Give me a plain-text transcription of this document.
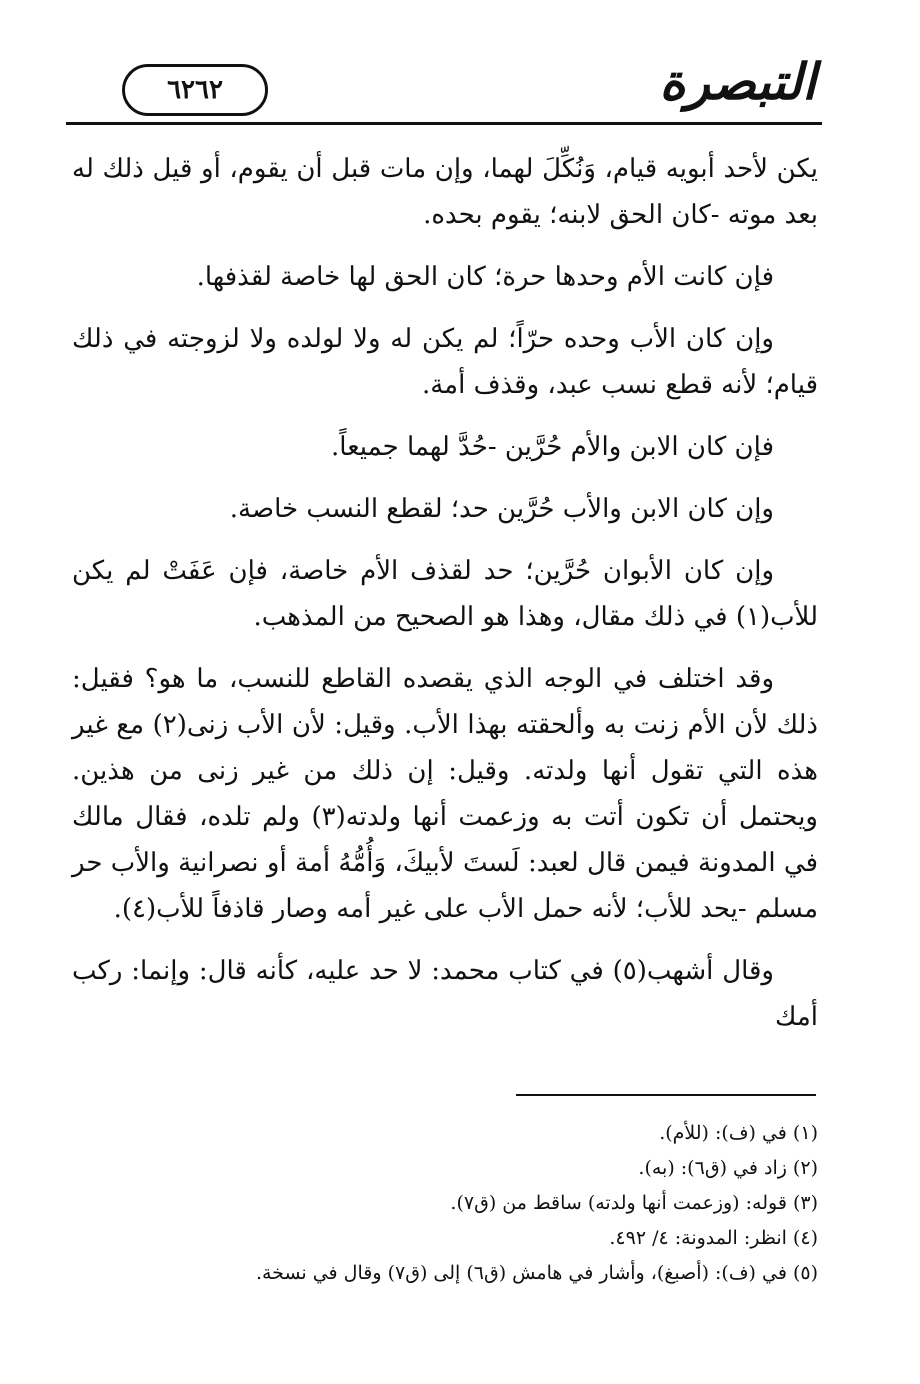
٦٢٦٢	التبصرة

يكن لأحد أبويه قيام، وَنُكِّلَ لهما، وإن مات قبل أن يقوم، أو قيل ذلك له بعد موته -كان الحق لابنه؛ يقوم بحده.

فإن كانت الأم وحدها حرة؛ كان الحق لها خاصة لقذفها.

وإن كان الأب وحده حرّاً؛ لم يكن له ولا لولده ولا لزوجته في ذلك قيام؛ لأنه قطع نسب عبد، وقذف أمة.

فإن كان الابن والأم حُرَّين -حُدَّ لهما جميعاً.

وإن كان الابن والأب حُرَّين حد؛ لقطع النسب خاصة.

وإن كان الأبوان حُرَّين؛ حد لقذف الأم خاصة، فإن عَفَتْ لم يكن للأب(١) في ذلك مقال، وهذا هو الصحيح من المذهب.

وقد اختلف في الوجه الذي يقصده القاطع للنسب، ما هو؟ فقيل: ذلك لأن الأم زنت به وألحقته بهذا الأب. وقيل: لأن الأب زنى(٢) مع غير هذه التي تقول أنها ولدته. وقيل: إن ذلك من غير زنى من هذين. ويحتمل أن تكون أتت به وزعمت أنها ولدته(٣) ولم تلده، فقال مالك في المدونة فيمن قال لعبد: لَستَ لأبيكَ، وَأُمُّهُ أمة أو نصرانية والأب حر مسلم -يحد للأب؛ لأنه حمل الأب على غير أمه وصار قاذفاً للأب(٤).

وقال أشهب(٥) في كتاب محمد: لا حد عليه، كأنه قال: وإنما: ركب أمك

(١) في (ف): (للأم).

(٢) زاد في (ق٦): (به).

(٣) قوله: (وزعمت أنها ولدته) ساقط من (ق٧).

(٤) انظر: المدونة: ٤/ ٤٩٢.

(٥) في (ف): (أصبغ)، وأشار في هامش (ق٦) إلى (ق٧) وقال في نسخة.
